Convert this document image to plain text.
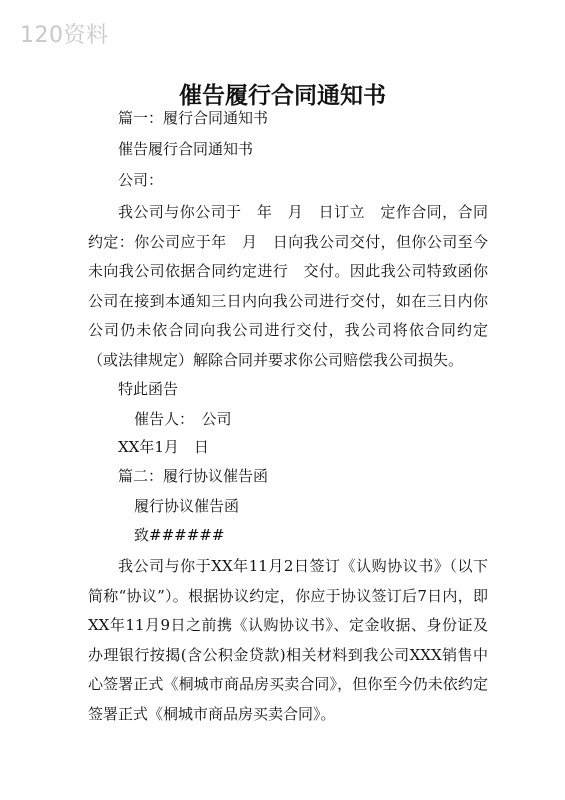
120资料
催告履行合同通知书
篇一：履行合同通知书
催告履行合同通知书
公司：
我公司与你公司于　年　月　日订立　定作合同，合同约定：你公司应于年　月　日向我公司交付，但你公司至今未向我公司依据合同约定进行　交付。因此我公司特致函你公司在接到本通知三日内向我公司进行交付，如在三日内你公司仍未依合同向我公司进行交付，我公司将依合同约定（或法律规定）解除合同并要求你公司赔偿我公司损失。
特此函告
催告人：　公司
XX年1月　日
篇二：履行协议催告函
履行协议催告函
致######
我公司与你于XX年11月2日签订《认购协议书》（以下简称“协议”）。根据协议约定，你应于协议签订后7日内，即XX年11月9日之前携《认购协议书》、定金收据、身份证及办理银行按揭(含公积金贷款)相关材料到我公司XXX销售中心签署正式《桐城市商品房买卖合同》，但你至今仍未依约定签署正式《桐城市商品房买卖合同》。
